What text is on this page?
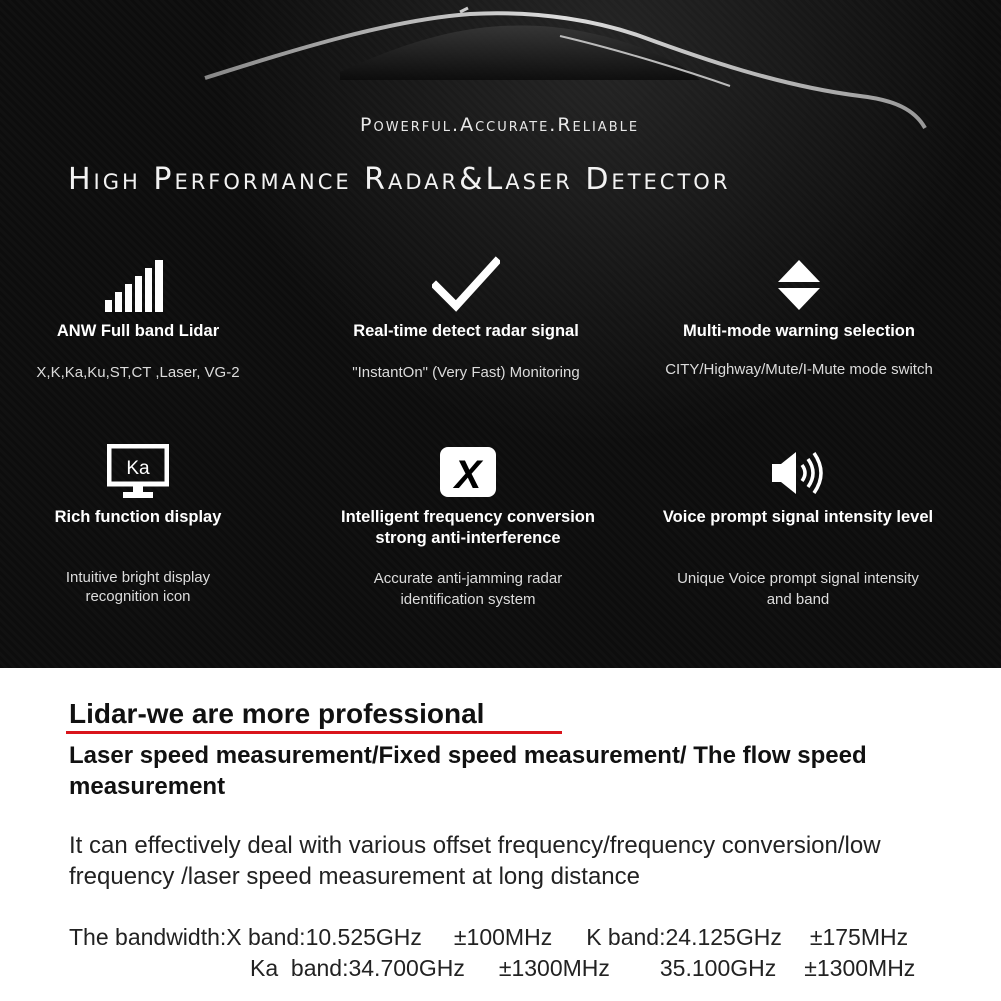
Powerful.Accurate.Reliable
High Performance Radar&Laser Detector
ANW Full band Lidar
X,K,Ka,Ku,ST,CT ,Laser, VG-2
Real-time detect radar signal
"InstantOn" (Very Fast) Monitoring
Multi-mode warning selection
CITY/Highway/Mute/I-Mute mode switch
Ka
Rich function display
Intuitive bright display
recognition icon
X
Intelligent frequency conversion
strong anti-interference
Accurate anti-jamming radar
identification system
Voice prompt signal intensity level
Unique Voice prompt signal intensity
and band
Lidar-we are more professional
Laser speed measurement/Fixed speed measurement/ The flow speed measurement
It can effectively deal with various offset frequency/frequency conversion/low frequency /laser speed measurement at long distance
The bandwidth:X band:10.525GHz ±100MHz K band:24.125GHz ±175MHz
Ka  band:34.700GHz ±1300MHz 35.100GHz ±1300MHz
